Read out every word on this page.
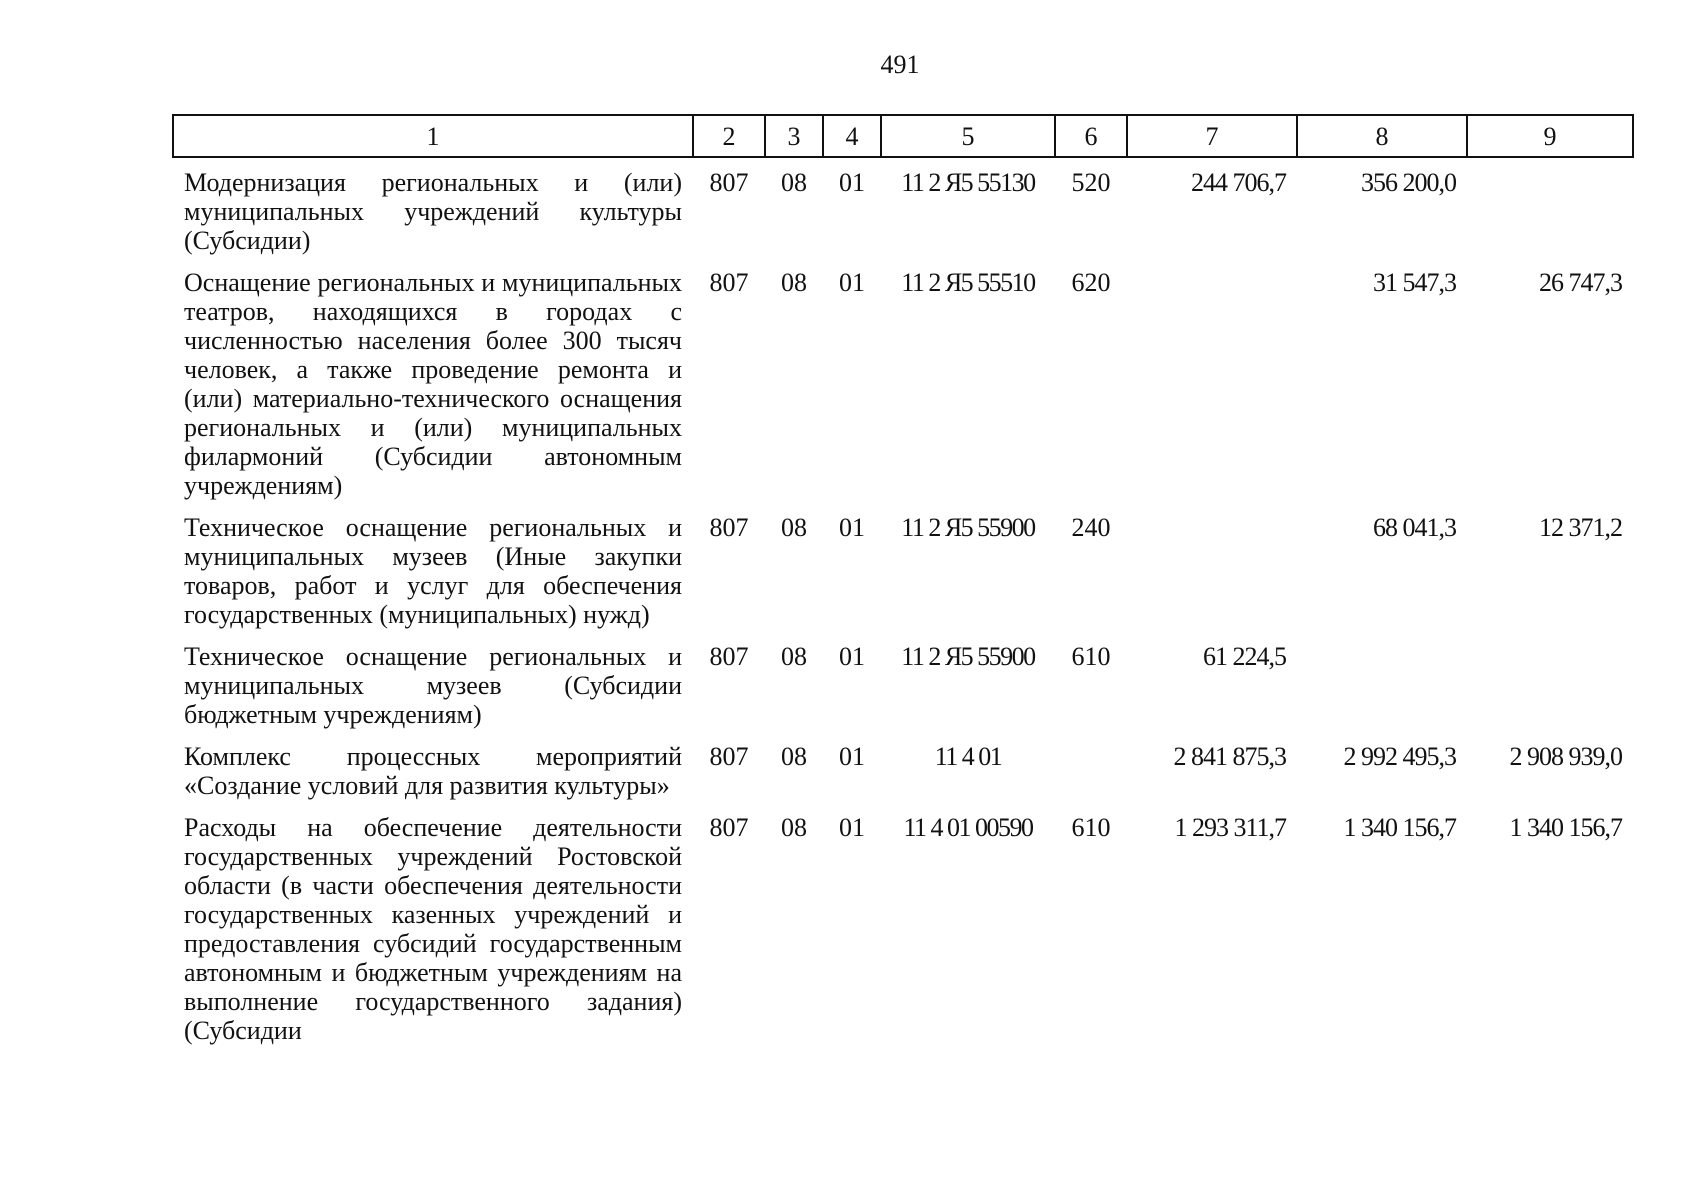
491
1	2	3	4	5	6	7	8	9
Модернизация региональных и (или) муниципальных учреждений культуры (Субсидии)	807	08	01	11 2 Я5 55130	520	244 706,7	356 200,0	
Оснащение региональных и муниципальных театров, находящихся в городах с численностью населения более 300 тысяч человек, а также проведение ремонта и (или) материально-технического оснащения региональных и (или) муниципальных филармоний (Субсидии автономным учреждениям)	807	08	01	11 2 Я5 55510	620		31 547,3	26 747,3
Техническое оснащение региональных и муниципальных музеев (Иные закупки товаров, работ и услуг для обеспечения государственных (муниципальных) нужд)	807	08	01	11 2 Я5 55900	240		68 041,3	12 371,2
Техническое оснащение региональных и муниципальных музеев (Субсидии бюджетным учреждениям)	807	08	01	11 2 Я5 55900	610	61 224,5		
Комплекс процессных мероприятий «Создание условий для развития культуры»	807	08	01	11 4 01		2 841 875,3	2 992 495,3	2 908 939,0
Расходы на обеспечение деятельности государственных учреждений Ростовской области (в части обеспечения деятельности государственных казенных учреждений и предоставления субсидий государственным автономным и бюджетным учреждениям на выполнение государственного задания) (Субсидии	807	08	01	11 4 01 00590	610	1 293 311,7	1 340 156,7	1 340 156,7
